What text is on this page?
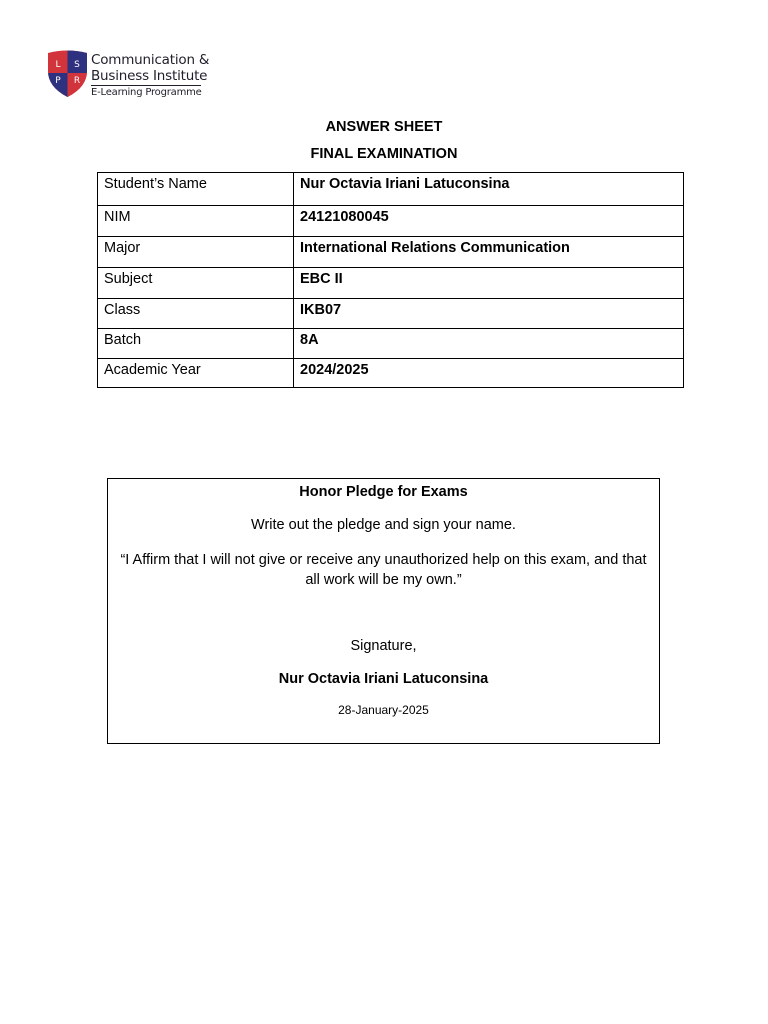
L S
P R
Communication &
Business Institute
E-Learning Programme
ANSWER SHEET
FINAL EXAMINATION
Student’s Name	Nur Octavia Iriani Latuconsina
NIM	24121080045
Major	International Relations Communication
Subject	EBC II
Class	IKB07
Batch	8A
Academic Year	2024/2025
Honor Pledge for Exams
Write out the pledge and sign your name.
“I Affirm that I will not give or receive any unauthorized help on this exam, and that all work will be my own.”
Signature,
Nur Octavia Iriani Latuconsina
28-January-2025
